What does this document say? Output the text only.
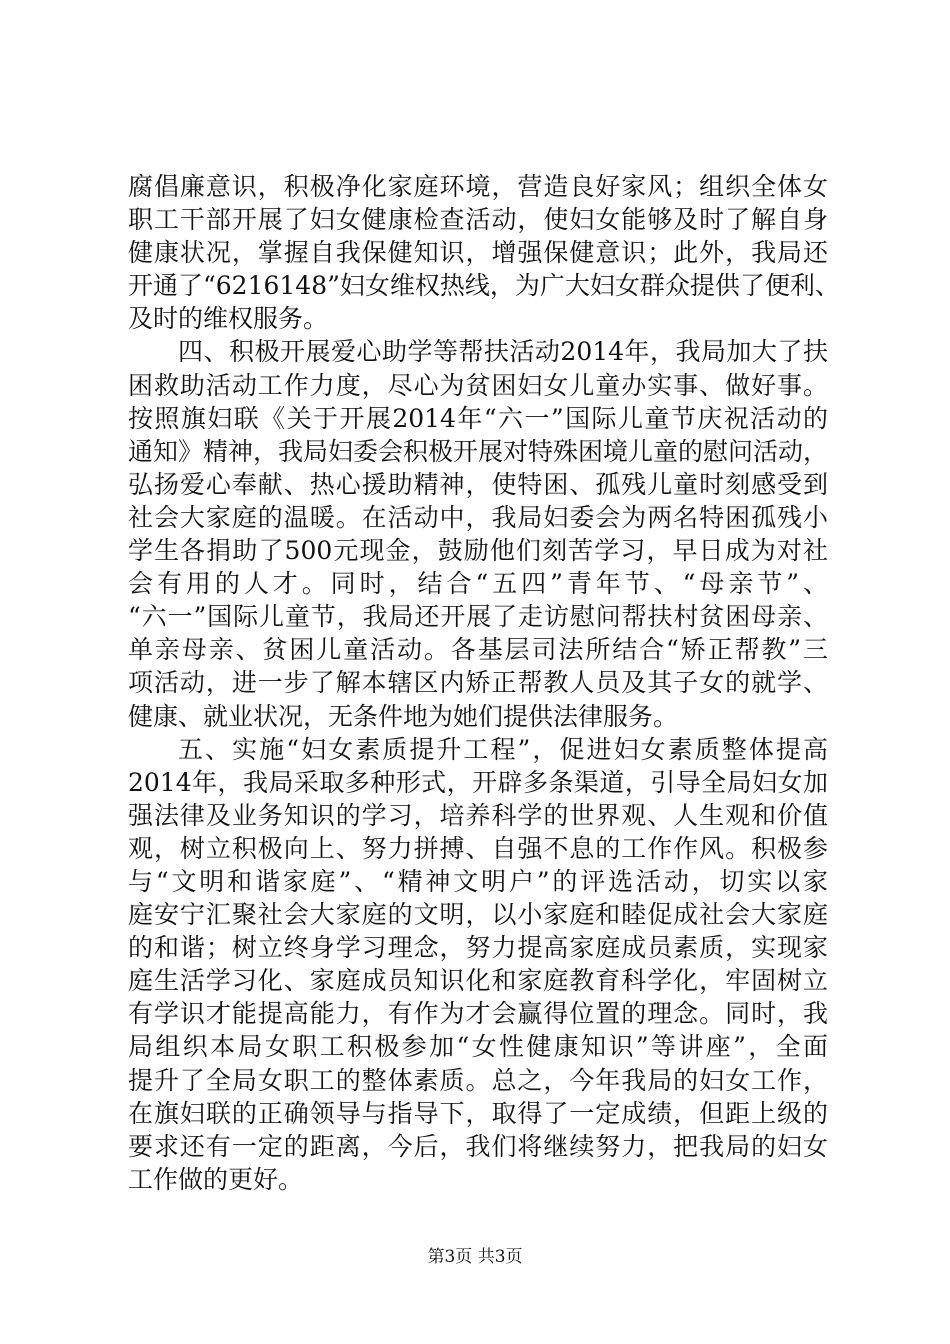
腐倡廉意识，积极净化家庭环境，营造良好家风；组织全体女
职工干部开展了妇女健康检查活动，使妇女能够及时了解自身
健康状况，掌握自我保健知识，增强保健意识；此外，我局还
开通了“6216148”妇女维权热线，为广大妇女群众提供了便利、
及时的维权服务。
四、积极开展爱心助学等帮扶活动2014年，我局加大了扶
困救助活动工作力度，尽心为贫困妇女儿童办实事、做好事。
按照旗妇联《关于开展2014年“六一”国际儿童节庆祝活动的
通知》精神，我局妇委会积极开展对特殊困境儿童的慰问活动，
弘扬爱心奉献、热心援助精神，使特困、孤残儿童时刻感受到
社会大家庭的温暖。在活动中，我局妇委会为两名特困孤残小
学生各捐助了500元现金，鼓励他们刻苦学习，早日成为对社
会有用的人才。同时，结合“五四”青年节、“母亲节”、
“六一”国际儿童节，我局还开展了走访慰问帮扶村贫困母亲、
单亲母亲、贫困儿童活动。各基层司法所结合“矫正帮教”三
项活动，进一步了解本辖区内矫正帮教人员及其子女的就学、
健康、就业状况，无条件地为她们提供法律服务。
五、实施“妇女素质提升工程”，促进妇女素质整体提高
2014年，我局采取多种形式，开辟多条渠道，引导全局妇女加
强法律及业务知识的学习，培养科学的世界观、人生观和价值
观，树立积极向上、努力拼搏、自强不息的工作作风。积极参
与“文明和谐家庭”、“精神文明户”的评选活动，切实以家
庭安宁汇聚社会大家庭的文明，以小家庭和睦促成社会大家庭
的和谐；树立终身学习理念，努力提高家庭成员素质，实现家
庭生活学习化、家庭成员知识化和家庭教育科学化，牢固树立
有学识才能提高能力，有作为才会赢得位置的理念。同时，我
局组织本局女职工积极参加“女性健康知识”等讲座”，全面
提升了全局女职工的整体素质。总之，今年我局的妇女工作，
在旗妇联的正确领导与指导下，取得了一定成绩，但距上级的
要求还有一定的距离，今后，我们将继续努力，把我局的妇女
工作做的更好。
第3页 共3页
